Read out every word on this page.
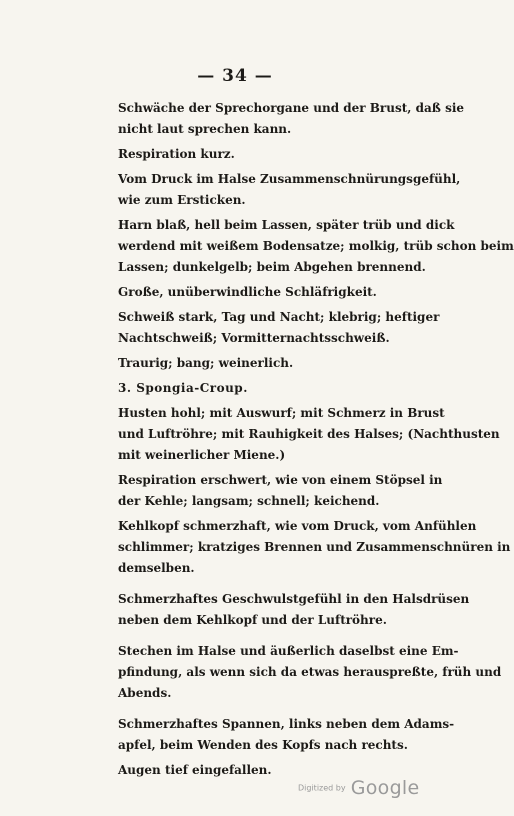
— 34 —
Schwäche der Sprechorgane und der Brust, daß sie
nicht laut sprechen kann.
Respiration kurz.
Vom Druck im Halse Zusammenschnürungsgefühl,
wie zum Ersticken.
Harn blaß, hell beim Lassen, später trüb und dick
werdend mit weißem Bodensatze; molkig, trüb schon beim
Lassen; dunkelgelb; beim Abgehen brennend.
Große, unüberwindliche Schläfrigkeit.
Schweiß stark, Tag und Nacht; klebrig; heftiger
Nachtschweiß; Vormitternachtsschweiß.
Traurig; bang; weinerlich.
3. Spongia-Croup.
Husten hohl; mit Auswurf; mit Schmerz in Brust
und Luftröhre; mit Rauhigkeit des Halses; (Nachthusten
mit weinerlicher Miene.)
Respiration erschwert, wie von einem Stöpsel in
der Kehle; langsam; schnell; keichend.
Kehlkopf schmerzhaft, wie vom Druck, vom Anfühlen
schlimmer; kratziges Brennen und Zusammenschnüren in
demselben.
Schmerzhaftes Geschwulstgefühl in den Halsdrüsen
neben dem Kehlkopf und der Luftröhre.
Stechen im Halse und äußerlich daselbst eine Em-
pfindung, als wenn sich da etwas herauspreßte, früh und
Abends.
Schmerzhaftes Spannen, links neben dem Adams-
apfel, beim Wenden des Kopfs nach rechts.
Augen tief eingefallen.
Digitized by Google
